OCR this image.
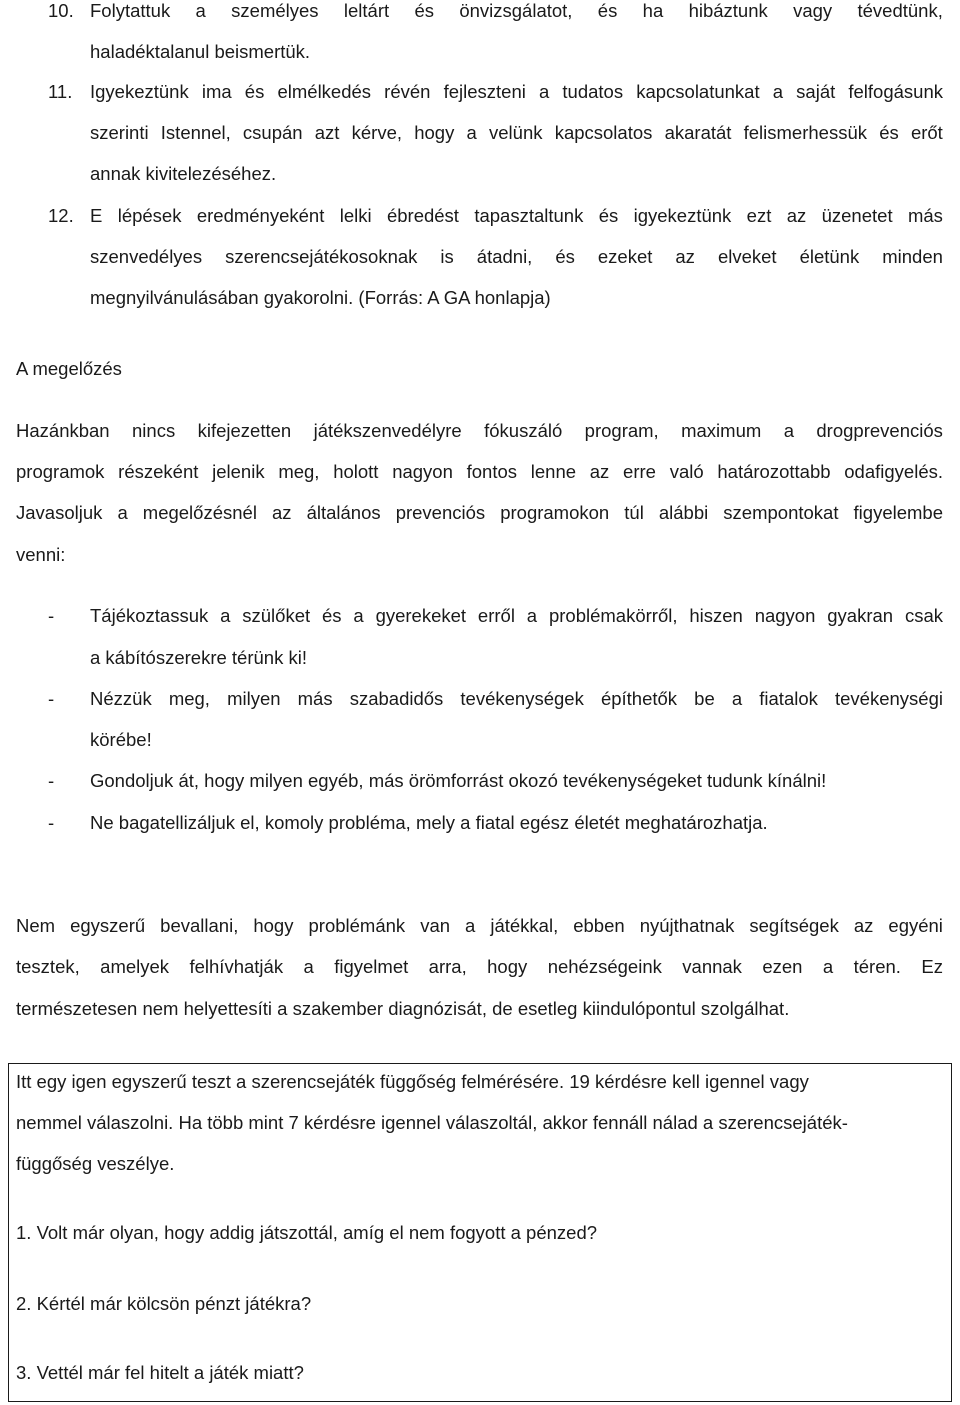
10. Folytattuk a személyes leltárt és önvizsgálatot, és ha hibáztunk vagy tévedtünk,
haladéktalanul beismertük.
11. Igyekeztünk ima és elmélkedés révén fejleszteni a tudatos kapcsolatunkat a saját felfogásunk
szerinti Istennel, csupán azt kérve, hogy a velünk kapcsolatos akaratát felismerhessük és erőt
annak kivitelezéséhez.
12. E lépések eredményeként lelki ébredést tapasztaltunk és igyekeztünk ezt az üzenetet más
szenvedélyes szerencsejátékosoknak is átadni, és ezeket az elveket életünk minden
megnyilvánulásában gyakorolni. (Forrás: A GA honlapja)
A megelőzés
Hazánkban nincs kifejezetten játékszenvedélyre fókuszáló program, maximum a drogprevenciós
programok részeként jelenik meg, holott nagyon fontos lenne az erre való határozottabb odafigyelés.
Javasoljuk a megelőzésnél az általános prevenciós programokon túl alábbi szempontokat figyelembe
venni:
- Tájékoztassuk a szülőket és a gyerekeket erről a problémakörről, hiszen nagyon gyakran csak
a kábítószerekre térünk ki!
- Nézzük meg, milyen más szabadidős tevékenységek építhetők be a fiatalok tevékenységi
körébe!
- Gondoljuk át, hogy milyen egyéb, más örömforrást okozó tevékenységeket tudunk kínálni!
- Ne bagatellizáljuk el, komoly probléma, mely a fiatal egész életét meghatározhatja.
Nem egyszerű bevallani, hogy problémánk van a játékkal, ebben nyújthatnak segítségek az egyéni
tesztek, amelyek felhívhatják a figyelmet arra, hogy nehézségeink vannak ezen a téren. Ez
természetesen nem helyettesíti a szakember diagnózisát, de esetleg kiindulópontul szolgálhat.
Itt egy igen egyszerű teszt a szerencsejáték függőség felmérésére. 19 kérdésre kell igennel vagy
nemmel válaszolni. Ha több mint 7 kérdésre igennel válaszoltál, akkor fennáll nálad a szerencsejáték-
függőség veszélye.
1. Volt már olyan, hogy addig játszottál, amíg el nem fogyott a pénzed?
2. Kértél már kölcsön pénzt játékra?
3. Vettél már fel hitelt a játék miatt?
